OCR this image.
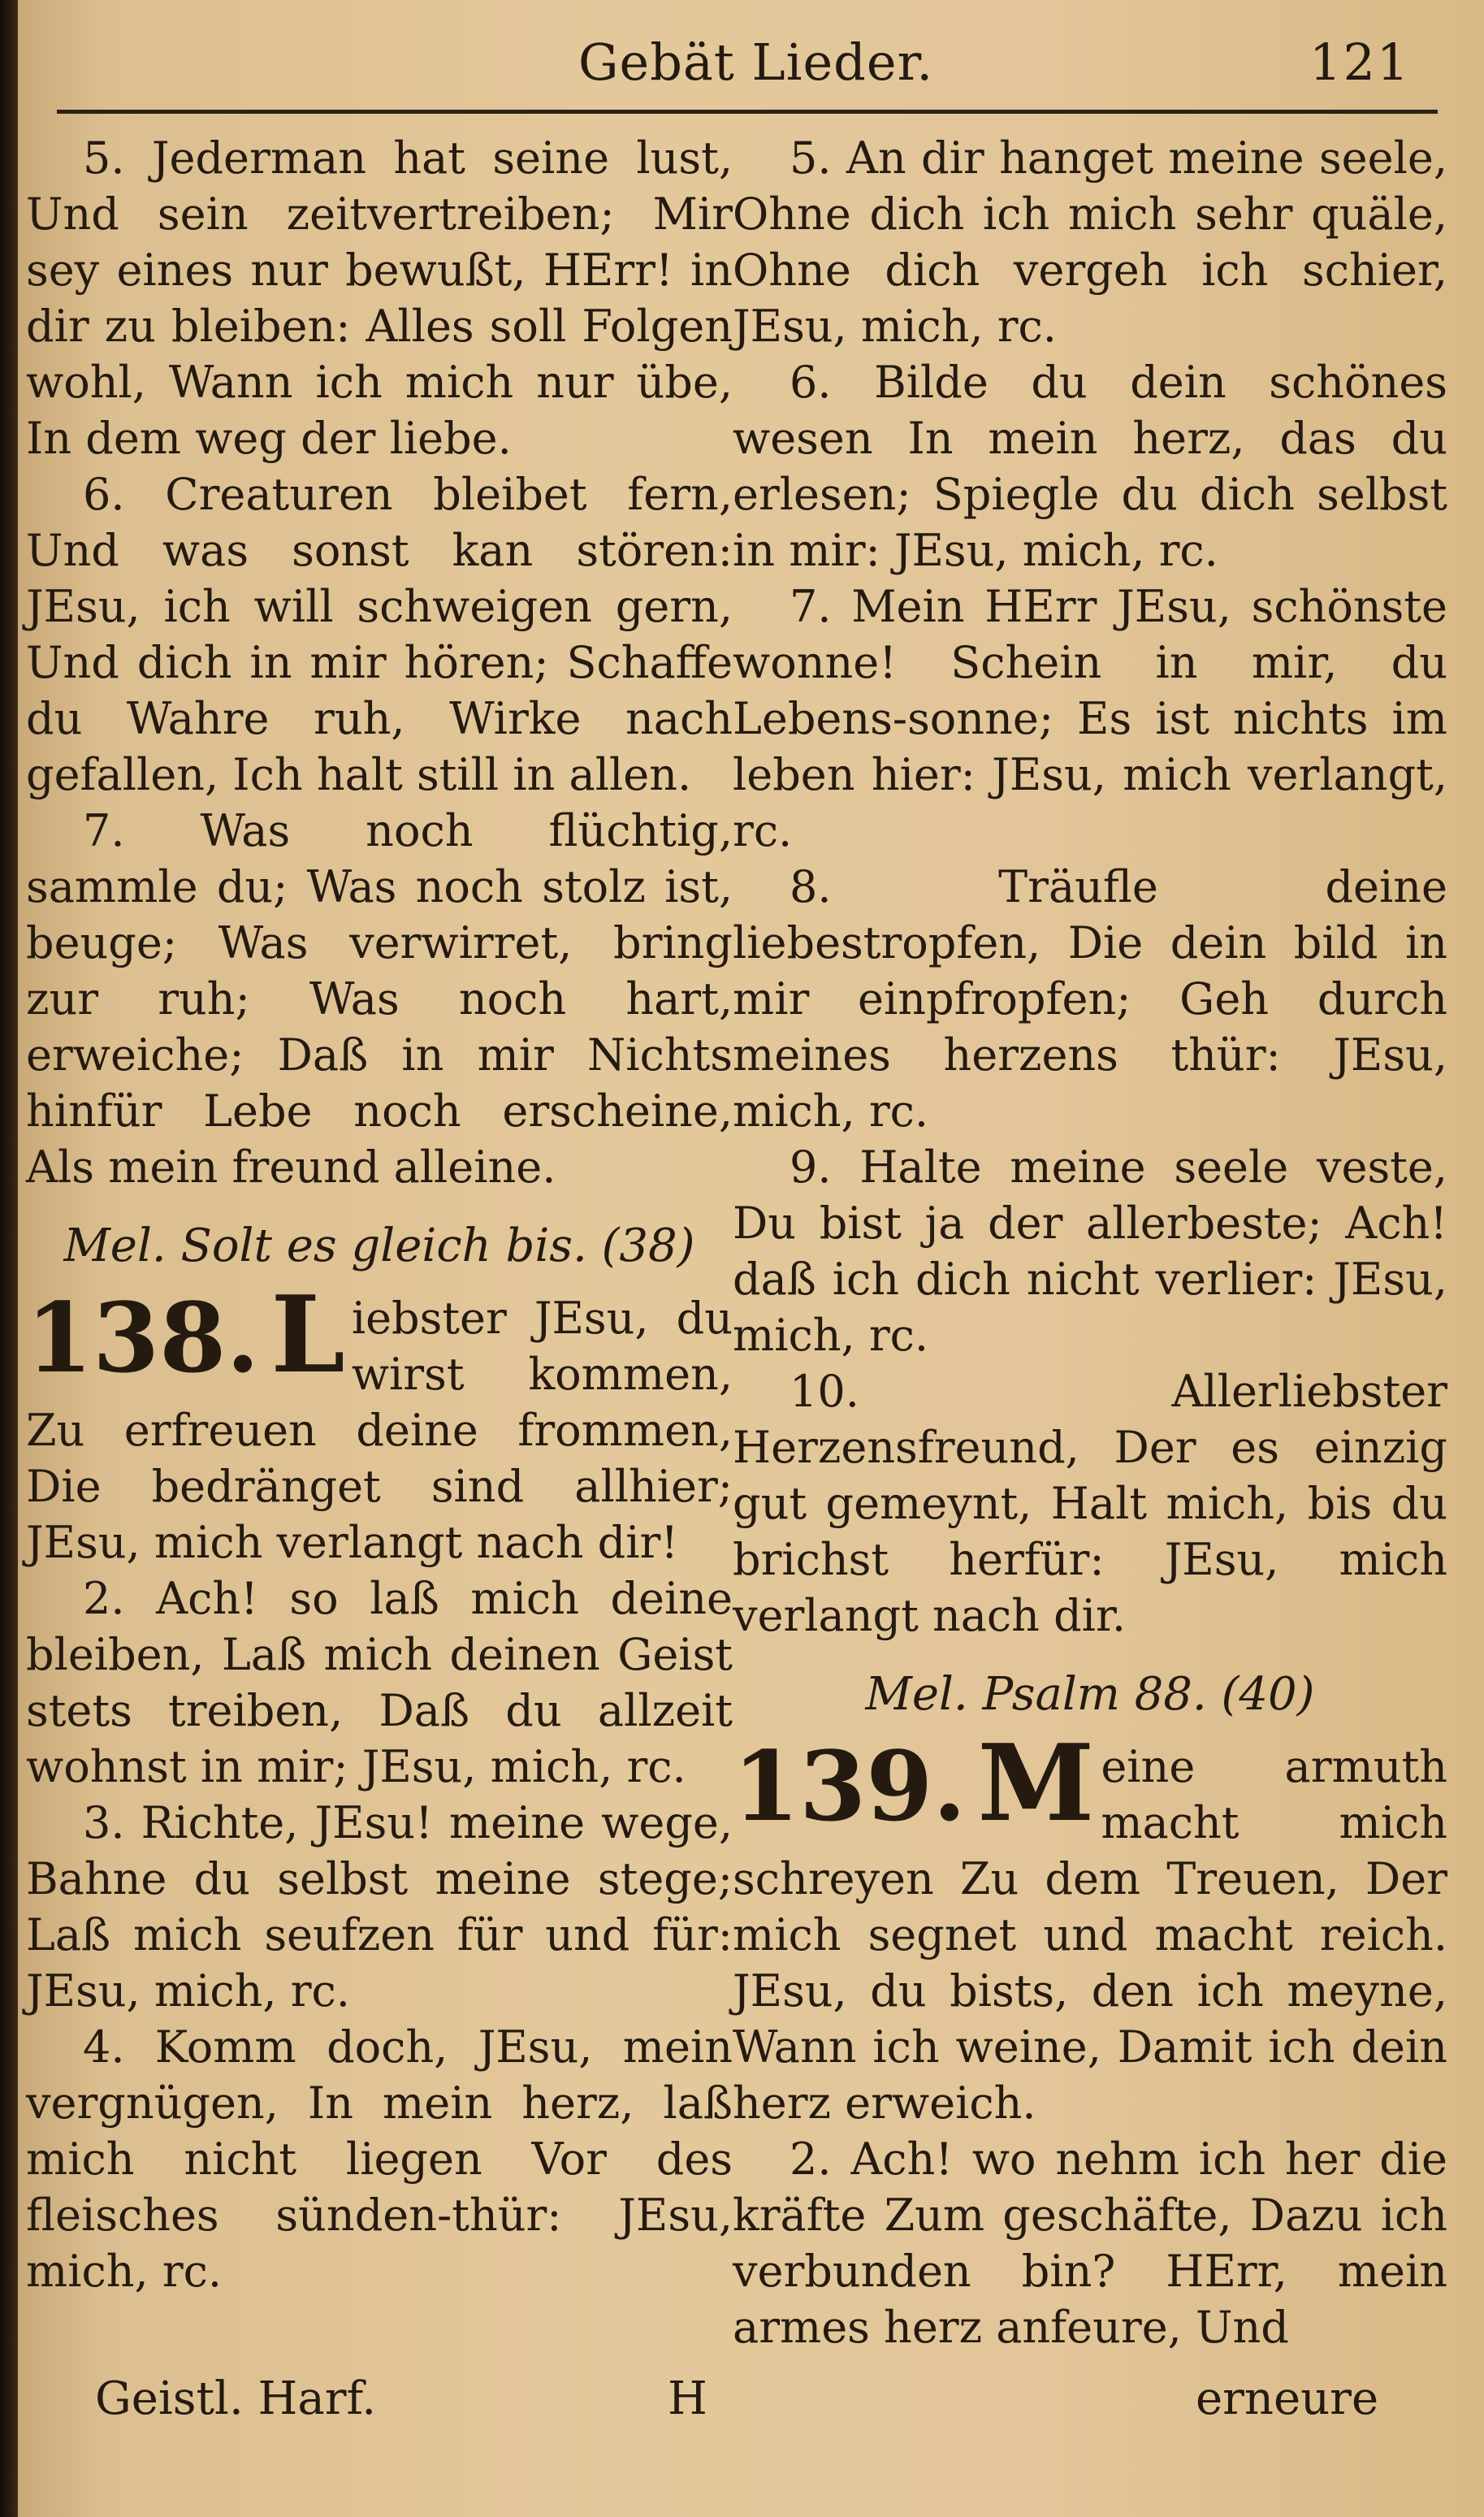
Gebät Lieder.	121

5. Jederman hat seine lust, Und sein zeitvertreiben; Mir sey eines nur bewußt, HErr! in dir zu bleiben: Alles soll Folgen wohl, Wann ich mich nur übe, In dem weg der liebe.

6. Creaturen bleibet fern, Und was sonst kan stören: JEsu, ich will schweigen gern, Und dich in mir hören; Schaffe du Wahre ruh, Wirke nach gefallen, Ich halt still in allen.

7. Was noch flüchtig, sammle du; Was noch stolz ist, beuge; Was verwirret, bring zur ruh; Was noch hart, erweiche; Daß in mir Nichts hinfür Lebe noch erscheine, Als mein freund alleine.

Mel. Solt es gleich bis. (38)
138. L iebster JEsu, du wirst kommen, Zu erfreuen deine frommen, Die bedränget sind allhier; JEsu, mich verlangt nach dir!

2. Ach! so laß mich deine bleiben, Laß mich deinen Geist stets treiben, Daß du allzeit wohnst in mir; JEsu, mich, rc.

3. Richte, JEsu! meine wege, Bahne du selbst meine stege; Laß mich seufzen für und für: JEsu, mich, rc.

4. Komm doch, JEsu, mein vergnügen, In mein herz, laß mich nicht liegen Vor des fleisches sünden-thür: JEsu, mich, rc.

5. An dir hanget meine seele, Ohne dich ich mich sehr quäle, Ohne dich vergeh ich schier, JEsu, mich, rc.

6. Bilde du dein schönes wesen In mein herz, das du erlesen; Spiegle du dich selbst in mir: JEsu, mich, rc.

7. Mein HErr JEsu, schönste wonne! Schein in mir, du Lebens-sonne; Es ist nichts im leben hier: JEsu, mich verlangt, rc.

8.	Träufle deine liebestropfen, Die dein bild in mir einpfropfen; Geh durch meines herzens thür: JEsu, mich, rc.

9. Halte meine seele veste, Du bist ja der allerbeste; Ach! daß ich dich nicht verlier: JEsu, mich, rc.

10.	Allerliebster Herzensfreund, Der es einzig gut gemeynt, Halt mich, bis du brichst herfür: JEsu, mich verlangt nach dir.

Mel. Psalm 88. (40)
139. M eine armuth macht mich schreyen Zu dem Treuen, Der mich segnet und macht reich. JEsu, du bists, den ich meyne, Wann ich weine, Damit ich dein herz erweich.

2. Ach! wo nehm ich her die kräfte Zum geschäfte, Dazu ich verbunden bin? HErr, mein armes herz anfeure, Und

Geistl. Harf.	H	erneure
